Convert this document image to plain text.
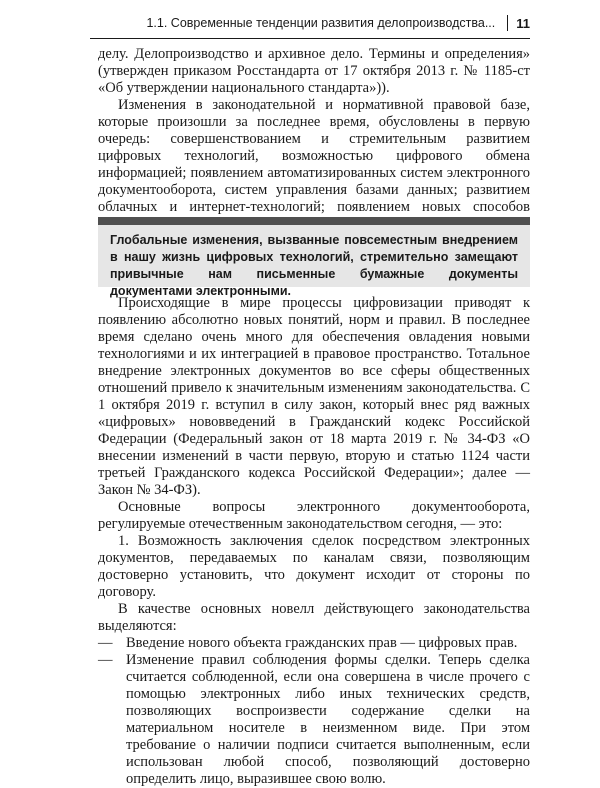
1.1. Современные тенденции развития делопроизводства... 11

делу. Делопроизводство и архивное дело. Термины и определения» (утвержден приказом Росстандарта от 17 октября 2013 г. № 1185-ст «Об утверждении национального стандарта»)).

Изменения в законодательной и нормативной правовой базе, которые произошли за последнее время, обусловлены в первую очередь: совершенствованием и стремительным развитием цифровых технологий, возможностью цифрового обмена информацией; появлением автоматизированных систем электронного документооборота, систем управления базами данных; развитием облачных и интернет-технологий; появлением новых способов

Глобальные изменения, вызванные повсеместным внедрением в нашу жизнь цифровых технологий, стремительно замещают привычные нам письменные бумажные документы документами электронными.

Происходящие в мире процессы цифровизации приводят к появлению абсолютно новых понятий, норм и правил. В последнее время сделано очень много для обеспечения овладения новыми технологиями и их интеграцией в правовое пространство. Тотальное внедрение электронных документов во все сферы общественных отношений привело к значительным изменениям законодательства. С 1 октября 2019 г. вступил в силу закон, который внес ряд важных «цифровых» нововведений в Гражданский кодекс Российской Федерации (Федеральный закон от 18 марта 2019 г. № 34-ФЗ «О внесении изменений в части первую, вторую и статью 1124 части третьей Гражданского кодекса Российской Федерации»; далее — Закон № 34-ФЗ).

Основные вопросы электронного документооборота, регулируемые отечественным законодательством сегодня, — это:

1. Возможность заключения сделок посредством электронных документов, передаваемых по каналам связи, позволяющим достоверно установить, что документ исходит от стороны по договору.

В качестве основных новелл действующего законодательства выделяются:

— Введение нового объекта гражданских прав — цифровых прав.
— Изменение правил соблюдения формы сделки. Теперь сделка считается соблюденной, если она совершена в числе прочего с помощью электронных либо иных технических средств, позволяющих воспроизвести содержание сделки на материальном носителе в неизменном виде. При этом требование о наличии подписи считается выполненным, если использован любой способ, позволяющий достоверно определить лицо, выразившее свою волю.
